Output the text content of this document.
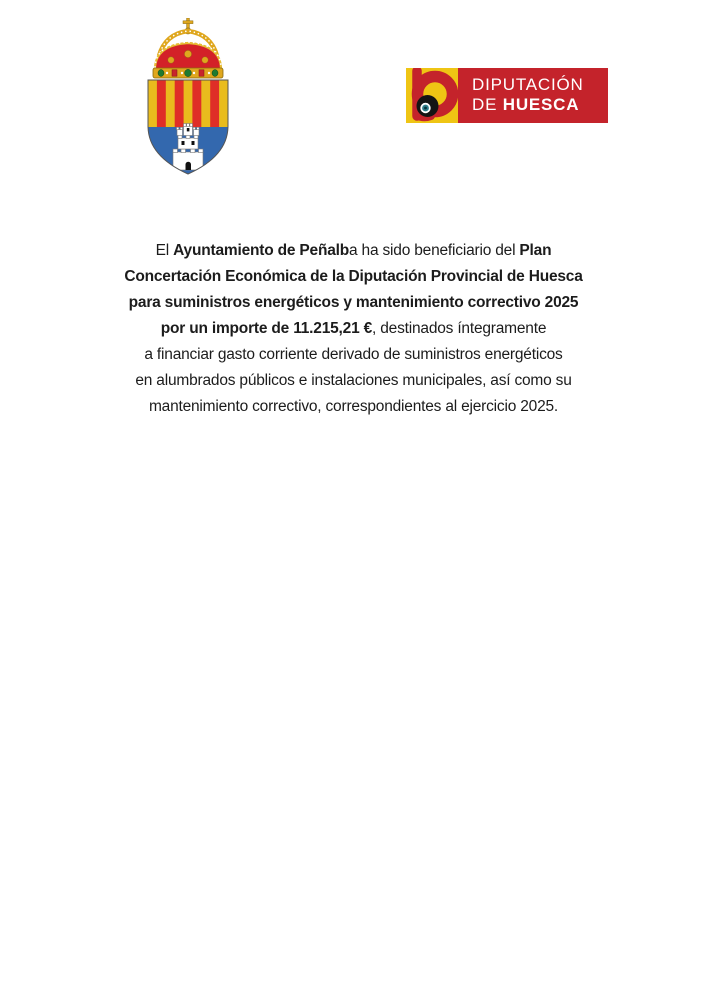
DIPUTACIÓN
DE HUESCA
El Ayuntamiento de Peñalba ha sido beneficiario del Plan
Concertación Económica de la Diputación Provincial de Huesca
para suministros energéticos y mantenimiento correctivo 2025
por un importe de 11.215,21 €, destinados íntegramente
a financiar gasto corriente derivado de suministros energéticos
en alumbrados públicos e instalaciones municipales, así como su
mantenimiento correctivo, correspondientes al ejercicio 2025.
